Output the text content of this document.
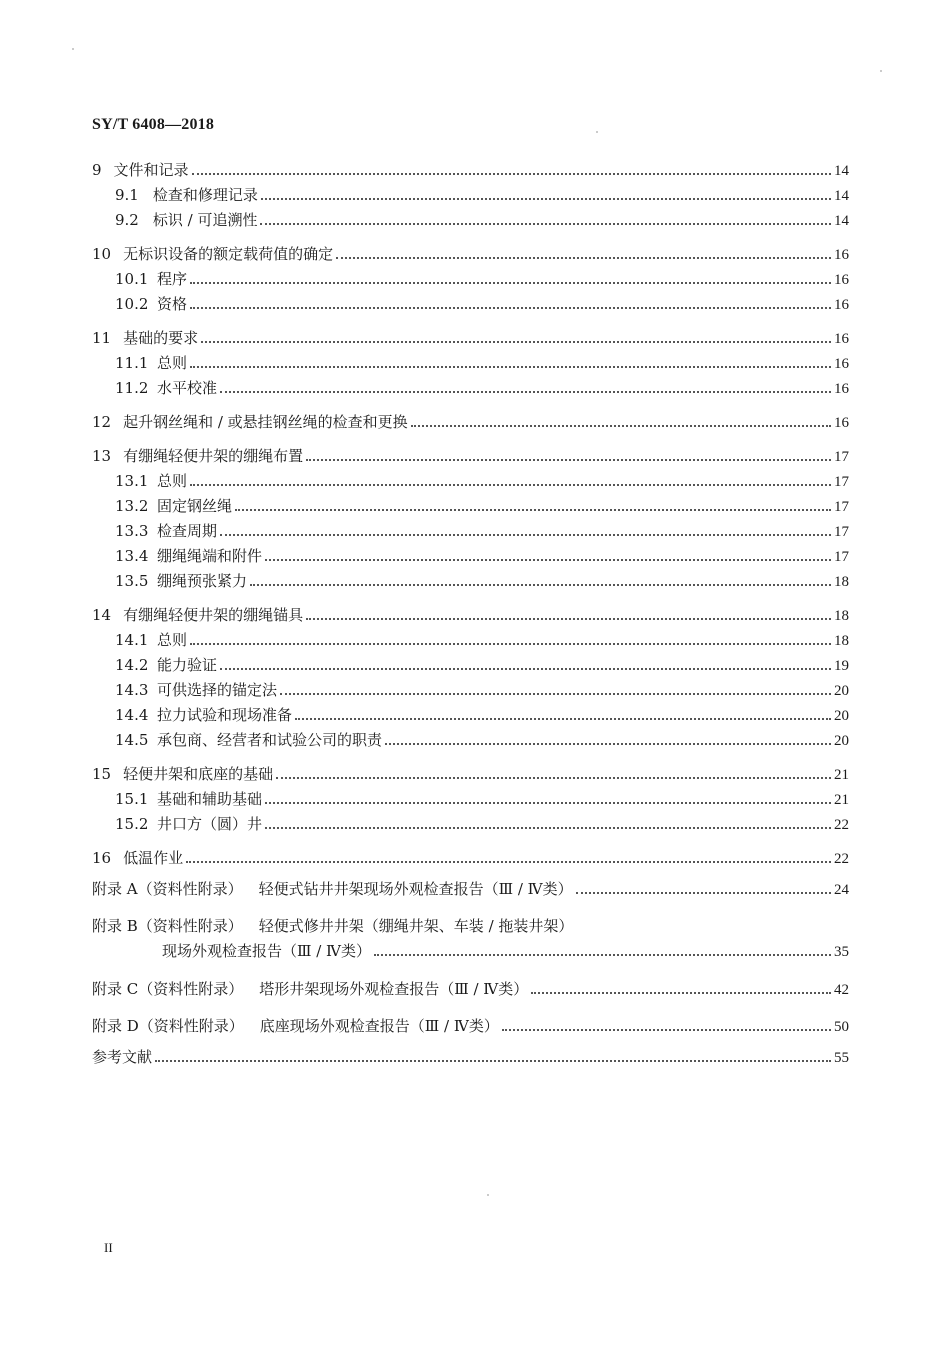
SY/T 6408—2018
9 文件和记录	14
9.1 检查和修理记录	14
9.2 标识 / 可追溯性	14
10 无标识设备的额定载荷值的确定	16
10.1 程序	16
10.2 资格	16
11 基础的要求	16
11.1 总则	16
11.2 水平校准	16
12 起升钢丝绳和 / 或悬挂钢丝绳的检查和更换	16
13 有绷绳轻便井架的绷绳布置	17
13.1 总则	17
13.2 固定钢丝绳	17
13.3 检查周期	17
13.4 绷绳绳端和附件	17
13.5 绷绳预张紧力	18
14 有绷绳轻便井架的绷绳锚具	18
14.1 总则	18
14.2 能力验证	19
14.3 可供选择的锚定法	20
14.4 拉力试验和现场准备	20
14.5 承包商、经营者和试验公司的职责	20
15 轻便井架和底座的基础	21
15.1 基础和辅助基础	21
15.2 井口方（圆）井	22
16 低温作业	22
附录 A（资料性附录） 轻便式钻井井架现场外观检查报告（Ⅲ / Ⅳ类）	24
附录 B（资料性附录） 轻便式修井井架（绷绳井架、车装 / 拖装井架）
现场外观检查报告（Ⅲ / Ⅳ类）	35
附录 C（资料性附录） 塔形井架现场外观检查报告（Ⅲ / Ⅳ类）	42
附录 D（资料性附录） 底座现场外观检查报告（Ⅲ / Ⅳ类）	50
参考文献	55
II
